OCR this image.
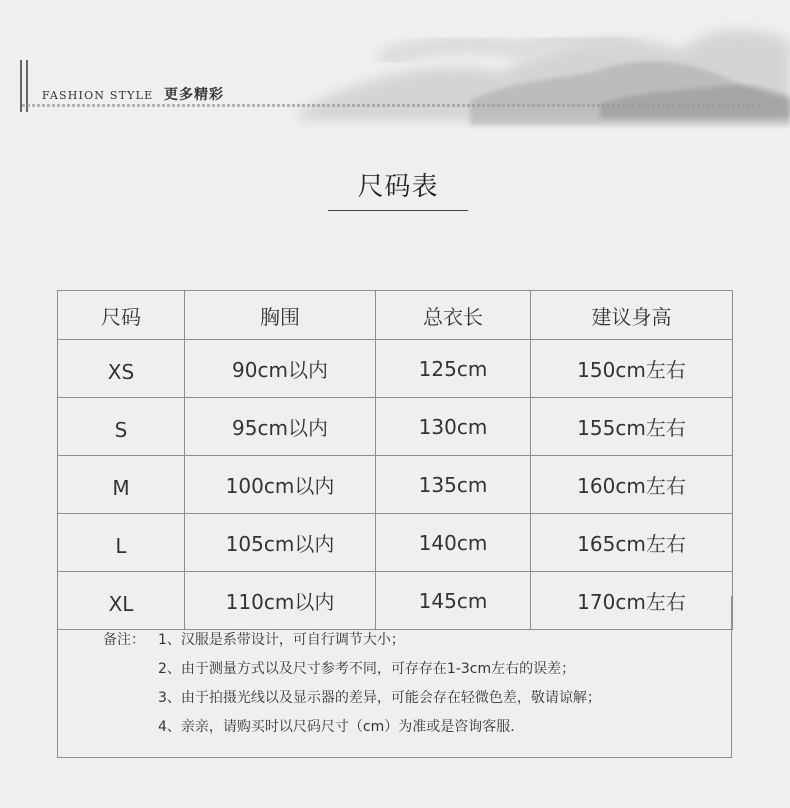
FASHION STYLE 更多精彩
尺码表
尺码	胸围	总衣长	建议身高
XS	90cm以内	125cm	150cm左右
S	95cm以内	130cm	155cm左右
M	100cm以内	135cm	160cm左右
L	105cm以内	140cm	165cm左右
XL	110cm以内	145cm	170cm左右
备注： 1、汉服是系带设计，可自行调节大小；
2、由于测量方式以及尺寸参考不同，可存存在1-3cm左右的误差；
3、由于拍摄光线以及显示器的差异，可能会存在轻微色差，敬请谅解；
4、亲亲，请购买时以尺码尺寸（cm）为准或是咨询客服.
